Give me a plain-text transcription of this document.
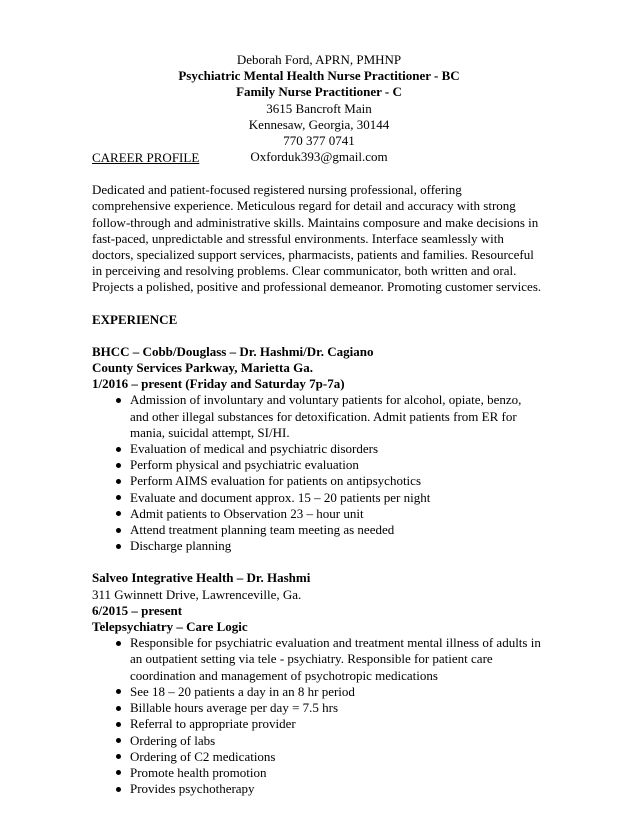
Deborah Ford, APRN, PMHNP
Psychiatric Mental Health Nurse Practitioner - BC
Family Nurse Practitioner - C
3615 Bancroft Main
Kennesaw, Georgia, 30144
770 377 0741
Oxforduk393@gmail.com
CAREER PROFILE
Dedicated and patient-focused registered nursing professional, offering comprehensive experience. Meticulous regard for detail and accuracy with strong follow-through and administrative skills. Maintains composure and make decisions in fast-paced, unpredictable and stressful environments. Interface seamlessly with doctors, specialized support services, pharmacists, patients and families. Resourceful in perceiving and resolving problems. Clear communicator, both written and oral. Projects a polished, positive and professional demeanor. Promoting customer services.
EXPERIENCE
BHCC – Cobb/Douglass – Dr. Hashmi/Dr. Cagiano
County Services Parkway, Marietta Ga.
1/2016 – present (Friday and Saturday 7p-7a)
Admission of involuntary and voluntary patients for alcohol, opiate, benzo, and other illegal substances for detoxification. Admit patients from ER for mania, suicidal attempt, SI/HI.
Evaluation of medical and psychiatric disorders
Perform physical and psychiatric evaluation
Perform AIMS evaluation for patients on antipsychotics
Evaluate and document approx. 15 – 20 patients per night
Admit patients to Observation 23 – hour unit
Attend treatment planning team meeting as needed
Discharge planning
Salveo Integrative Health – Dr. Hashmi
311 Gwinnett Drive, Lawrenceville, Ga.
6/2015 – present
Telepsychiatry – Care Logic
Responsible for psychiatric evaluation and treatment mental illness of adults in an outpatient setting via tele - psychiatry. Responsible for patient care coordination and management of psychotropic medications
See 18 – 20 patients a day in an 8 hr period
Billable hours average per day = 7.5 hrs
Referral to appropriate provider
Ordering of labs
Ordering of C2 medications
Promote health promotion
Provides psychotherapy
